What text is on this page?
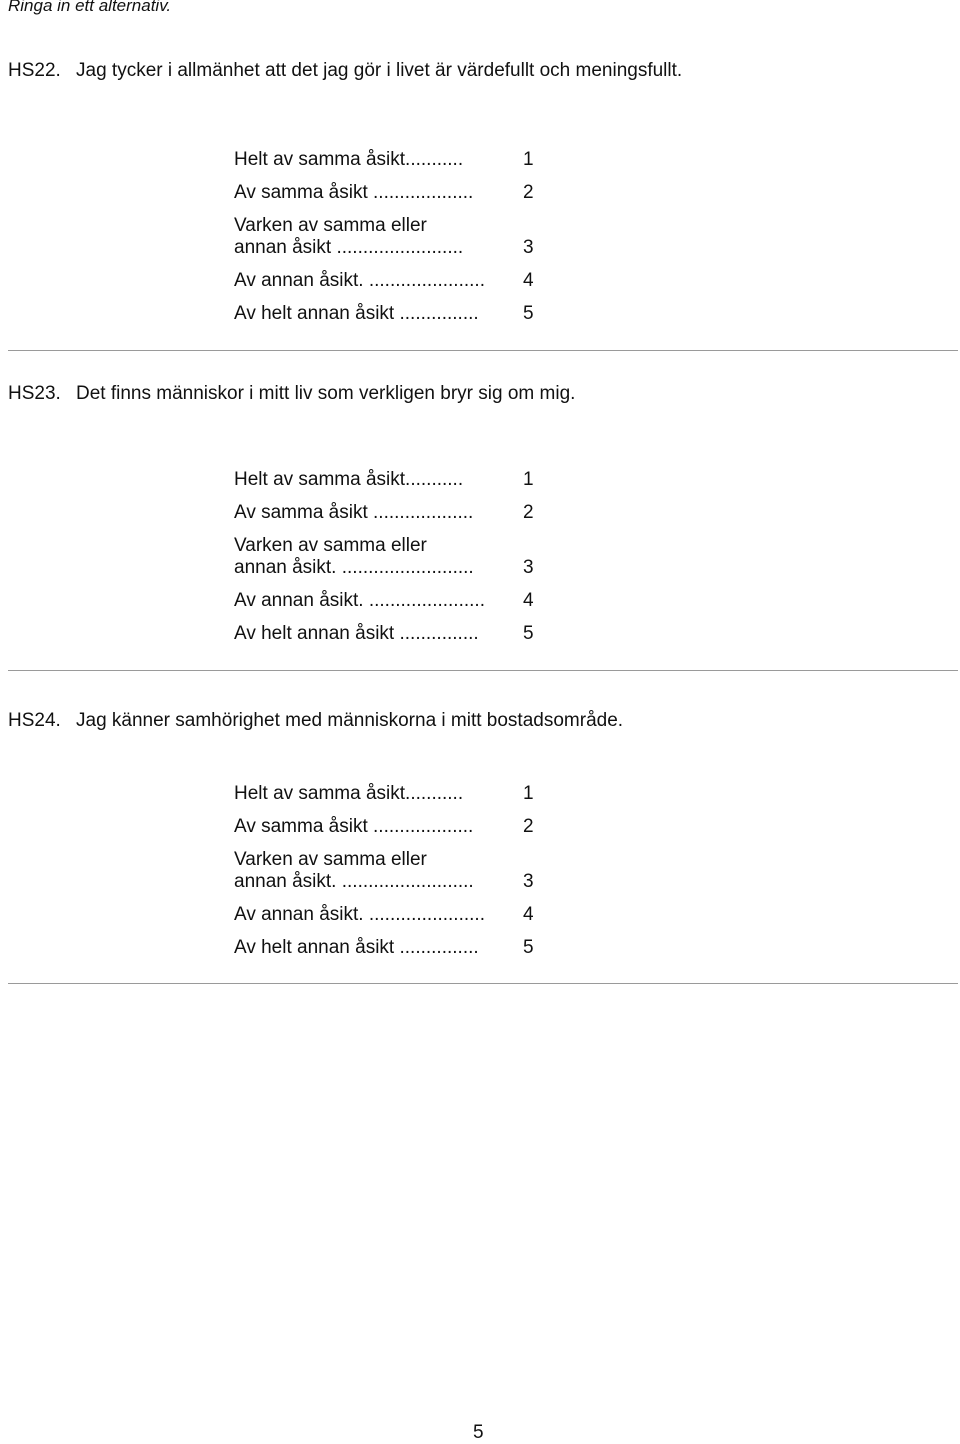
Ringa in ett alternativ.
HS22. Jag tycker i allmänhet att det jag gör i livet är värdefullt och meningsfullt.
Helt av samma åsikt...........	1
Av samma åsikt ...................	2
Varken av samma eller
annan åsikt ........................	3
Av annan åsikt. ......................	4
Av helt annan åsikt ...............	5
HS23. Det finns människor i mitt liv som verkligen bryr sig om mig.
Helt av samma åsikt...........	1
Av samma åsikt ...................	2
Varken av samma eller
annan åsikt. .........................	3
Av annan åsikt. ......................	4
Av helt annan åsikt ...............	5
HS24. Jag känner samhörighet med människorna i mitt bostadsområde.
Helt av samma åsikt...........	1
Av samma åsikt ...................	2
Varken av samma eller
annan åsikt. .........................	3
Av annan åsikt. ......................	4
Av helt annan åsikt ...............	5
5
